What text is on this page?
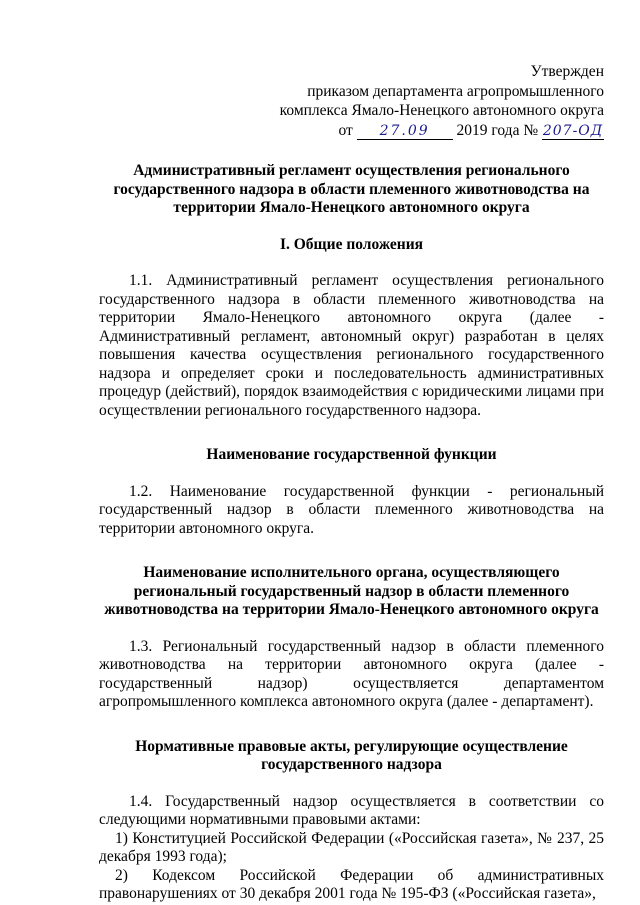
Утвержден
приказом департамента агропромышленного
комплекса Ямало-Ненецкого автономного округа
от 27.09 2019 года № 207-ОД
Административный регламент осуществления регионального государственного надзора в области племенного животноводства на территории Ямало-Ненецкого автономного округа
I. Общие положения

1.1. Административный регламент осуществления регионального государственного надзора в области племенного животноводства на территории Ямало-Ненецкого автономного округа (далее - Административный регламент, автономный округ) разработан в целях повышения качества осуществления регионального государственного надзора и определяет сроки и последовательность административных процедур (действий), порядок взаимодействия с юридическими лицами при осуществлении регионального государственного надзора.

Наименование государственной функции

1.2. Наименование государственной функции - региональный государственный надзор в области племенного животноводства на территории автономного округа.

Наименование исполнительного органа, осуществляющего региональный государственный надзор в области племенного животноводства на территории Ямало-Ненецкого автономного округа

1.3. Региональный государственный надзор в области племенного животноводства на территории автономного округа (далее - государственный надзор) осуществляется департаментом агропромышленного комплекса автономного округа (далее - департамент).

Нормативные правовые акты, регулирующие осуществление государственного надзора

1.4. Государственный надзор осуществляется в соответствии со следующими нормативными правовыми актами:

1) Конституцией Российской Федерации («Российская газета», № 237, 25 декабря 1993 года);

2) Кодексом Российской Федерации об административных правонарушениях от 30 декабря 2001 года № 195-ФЗ («Российская газета»,
